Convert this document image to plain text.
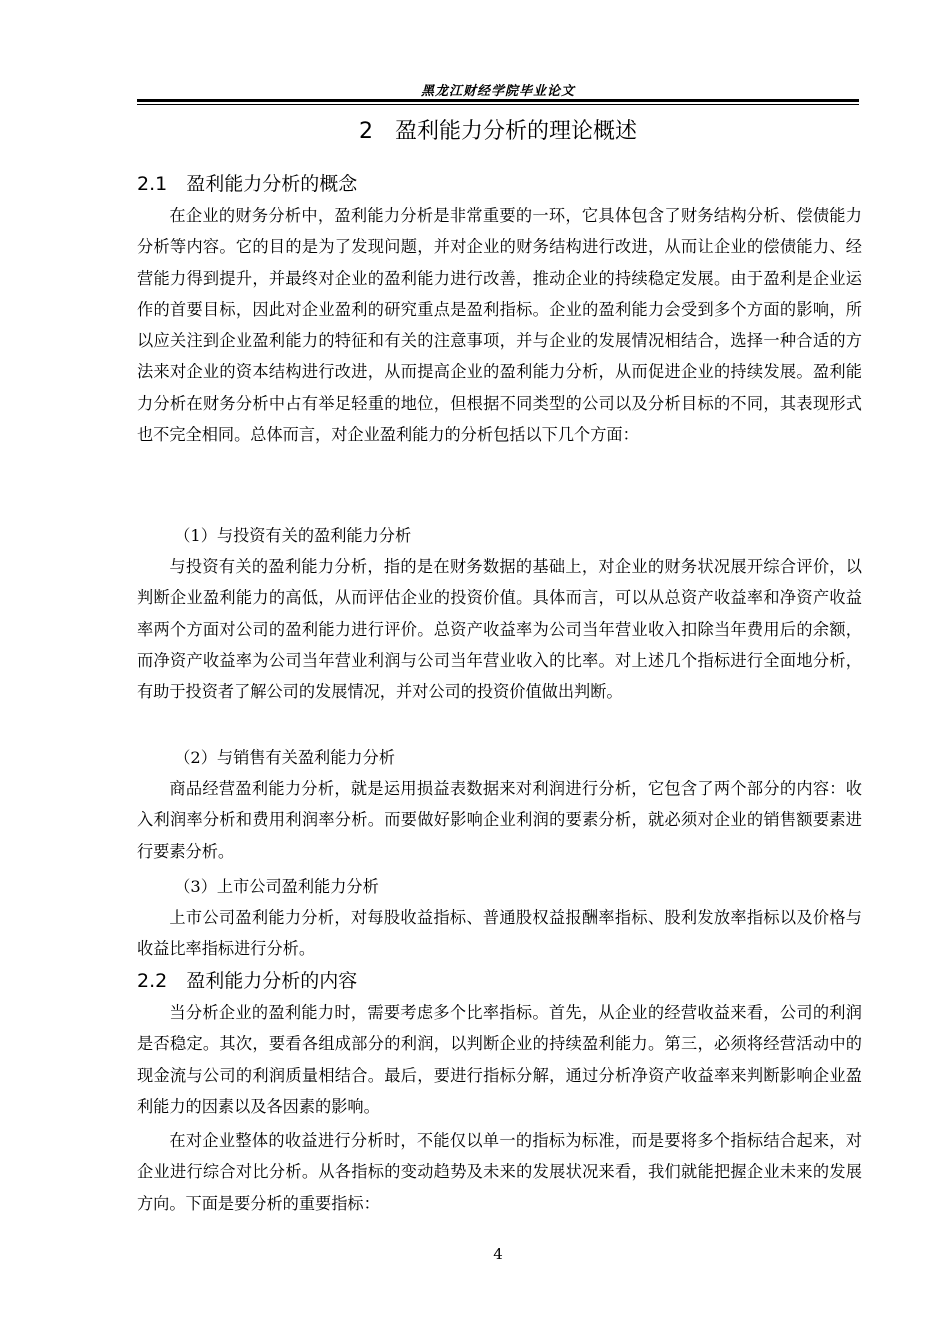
黑龙江财经学院毕业论文
2　盈利能力分析的理论概述
2.1　盈利能力分析的概念

在企业的财务分析中，盈利能力分析是非常重要的一环，它具体包含了财务结构分析、偿债能力分析等内容。它的目的是为了发现问题，并对企业的财务结构进行改进，从而让企业的偿债能力、经营能力得到提升，并最终对企业的盈利能力进行改善，推动企业的持续稳定发展。由于盈利是企业运作的首要目标，因此对企业盈利的研究重点是盈利指标。企业的盈利能力会受到多个方面的影响，所以应关注到企业盈利能力的特征和有关的注意事项，并与企业的发展情况相结合，选择一种合适的方法来对企业的资本结构进行改进，从而提高企业的盈利能力分析，从而促进企业的持续发展。盈利能力分析在财务分析中占有举足轻重的地位，但根据不同类型的公司以及分析目标的不同，其表现形式也不完全相同。总体而言，对企业盈利能力的分析包括以下几个方面：

（1）与投资有关的盈利能力分析

与投资有关的盈利能力分析，指的是在财务数据的基础上，对企业的财务状况展开综合评价，以判断企业盈利能力的高低，从而评估企业的投资价值。具体而言，可以从总资产收益率和净资产收益率两个方面对公司的盈利能力进行评价。总资产收益率为公司当年营业收入扣除当年费用后的余额，而净资产收益率为公司当年营业利润与公司当年营业收入的比率。对上述几个指标进行全面地分析，有助于投资者了解公司的发展情况，并对公司的投资价值做出判断。

（2）与销售有关盈利能力分析

商品经营盈利能力分析，就是运用损益表数据来对利润进行分析，它包含了两个部分的内容：收入利润率分析和费用利润率分析。而要做好影响企业利润的要素分析，就必须对企业的销售额要素进行要素分析。

（3）上市公司盈利能力分析

上市公司盈利能力分析，对每股收益指标、普通股权益报酬率指标、股利发放率指标以及价格与收益比率指标进行分析。

2.2　盈利能力分析的内容

当分析企业的盈利能力时，需要考虑多个比率指标。首先，从企业的经营收益来看，公司的利润是否稳定。其次，要看各组成部分的利润，以判断企业的持续盈利能力。第三，必须将经营活动中的现金流与公司的利润质量相结合。最后，要进行指标分解，通过分析净资产收益率来判断影响企业盈利能力的因素以及各因素的影响。

在对企业整体的收益进行分析时，不能仅以单一的指标为标准，而是要将多个指标结合起来，对企业进行综合对比分析。从各指标的变动趋势及未来的发展状况来看，我们就能把握企业未来的发展方向。下面是要分析的重要指标：

4
